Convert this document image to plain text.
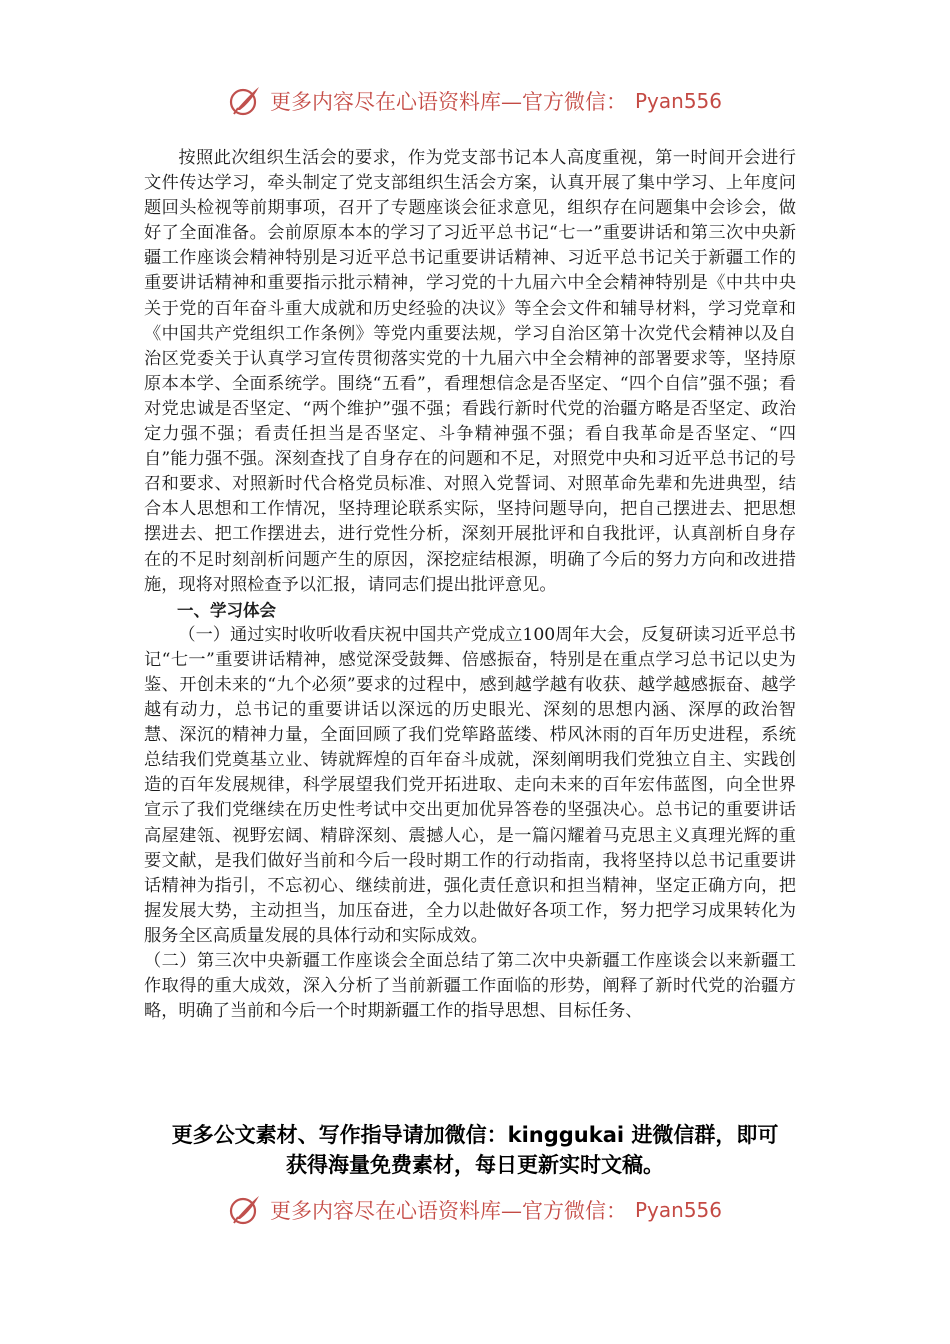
更多内容尽在心语资料库—官方微信： Pyan556

按照此次组织生活会的要求，作为党支部书记本人高度重视，第一时间开会进行文件传达学习，牵头制定了党支部组织生活会方案，认真开展了集中学习、上年度问题回头检视等前期事项，召开了专题座谈会征求意见，组织存在问题集中会诊会，做好了全面准备。会前原原本本的学习了习近平总书记“七一”重要讲话和第三次中央新疆工作座谈会精神特别是习近平总书记重要讲话精神、习近平总书记关于新疆工作的重要讲话精神和重要指示批示精神，学习党的十九届六中全会精神特别是《中共中央关于党的百年奋斗重大成就和历史经验的决议》等全会文件和辅导材料，学习党章和《中国共产党组织工作条例》等党内重要法规，学习自治区第十次党代会精神以及自治区党委关于认真学习宣传贯彻落实党的十九届六中全会精神的部署要求等，坚持原原本本学、全面系统学。围绕“五看”，看理想信念是否坚定、“四个自信”强不强；看对党忠诚是否坚定、“两个维护”强不强；看践行新时代党的治疆方略是否坚定、政治定力强不强；看责任担当是否坚定、斗争精神强不强；看自我革命是否坚定、“四自”能力强不强。深刻查找了自身存在的问题和不足，对照党中央和习近平总书记的号召和要求、对照新时代合格党员标准、对照入党誓词、对照革命先辈和先进典型，结合本人思想和工作情况，坚持理论联系实际，坚持问题导向，把自己摆进去、把思想摆进去、把工作摆进去，进行党性分析，深刻开展批评和自我批评，认真剖析自身存在的不足时刻剖析问题产生的原因，深挖症结根源，明确了今后的努力方向和改进措施，现将对照检查予以汇报，请同志们提出批评意见。

一、学习体会

（一）通过实时收听收看庆祝中国共产党成立100周年大会，反复研读习近平总书记“七一”重要讲话精神，感觉深受鼓舞、倍感振奋，特别是在重点学习总书记以史为鉴、开创未来的“九个必须”要求的过程中，感到越学越有收获、越学越感振奋、越学越有动力，总书记的重要讲话以深远的历史眼光、深刻的思想内涵、深厚的政治智慧、深沉的精神力量，全面回顾了我们党筚路蓝缕、栉风沐雨的百年历史进程，系统总结我们党奠基立业、铸就辉煌的百年奋斗成就，深刻阐明我们党独立自主、实践创造的百年发展规律，科学展望我们党开拓进取、走向未来的百年宏伟蓝图，向全世界宣示了我们党继续在历史性考试中交出更加优异答卷的坚强决心。总书记的重要讲话高屋建瓴、视野宏阔、精辟深刻、震撼人心，是一篇闪耀着马克思主义真理光辉的重要文献，是我们做好当前和今后一段时期工作的行动指南，我将坚持以总书记重要讲话精神为指引，不忘初心、继续前进，强化责任意识和担当精神，坚定正确方向，把握发展大势，主动担当，加压奋进，全力以赴做好各项工作，努力把学习成果转化为服务全区高质量发展的具体行动和实际成效。

（二）第三次中央新疆工作座谈会全面总结了第二次中央新疆工作座谈会以来新疆工作取得的重大成效，深入分析了当前新疆工作面临的形势，阐释了新时代党的治疆方略，明确了当前和今后一个时期新疆工作的指导思想、目标任务、

更多公文素材、写作指导请加微信：kinggukai 进微信群，即可
获得海量免费素材，每日更新实时文稿。
更多内容尽在心语资料库—官方微信： Pyan556
